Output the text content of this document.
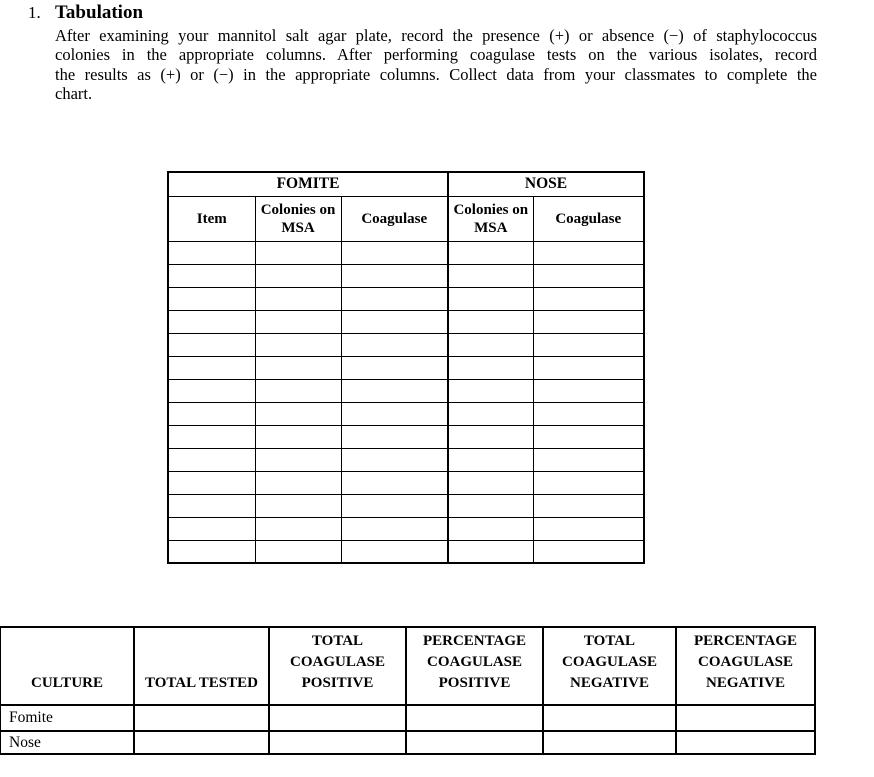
1. Tabulation
After examining your mannitol salt agar plate, record the presence (+) or absence (−) of staphylococcus
colonies in the appropriate columns. After performing coagulase tests on the various isolates, record
the results as (+) or (−) in the appropriate columns. Collect data from your classmates to complete the
chart.
FOMITE			NOSE	
Item	Colonies on MSA	Coagulase	Colonies on MSA	Coagulase

CULTURE	TOTAL TESTED	TOTAL COAGULASE POSITIVE	PERCENTAGE COAGULASE POSITIVE	TOTAL COAGULASE NEGATIVE	PERCENTAGE COAGULASE NEGATIVE
Fomite					
Nose					
